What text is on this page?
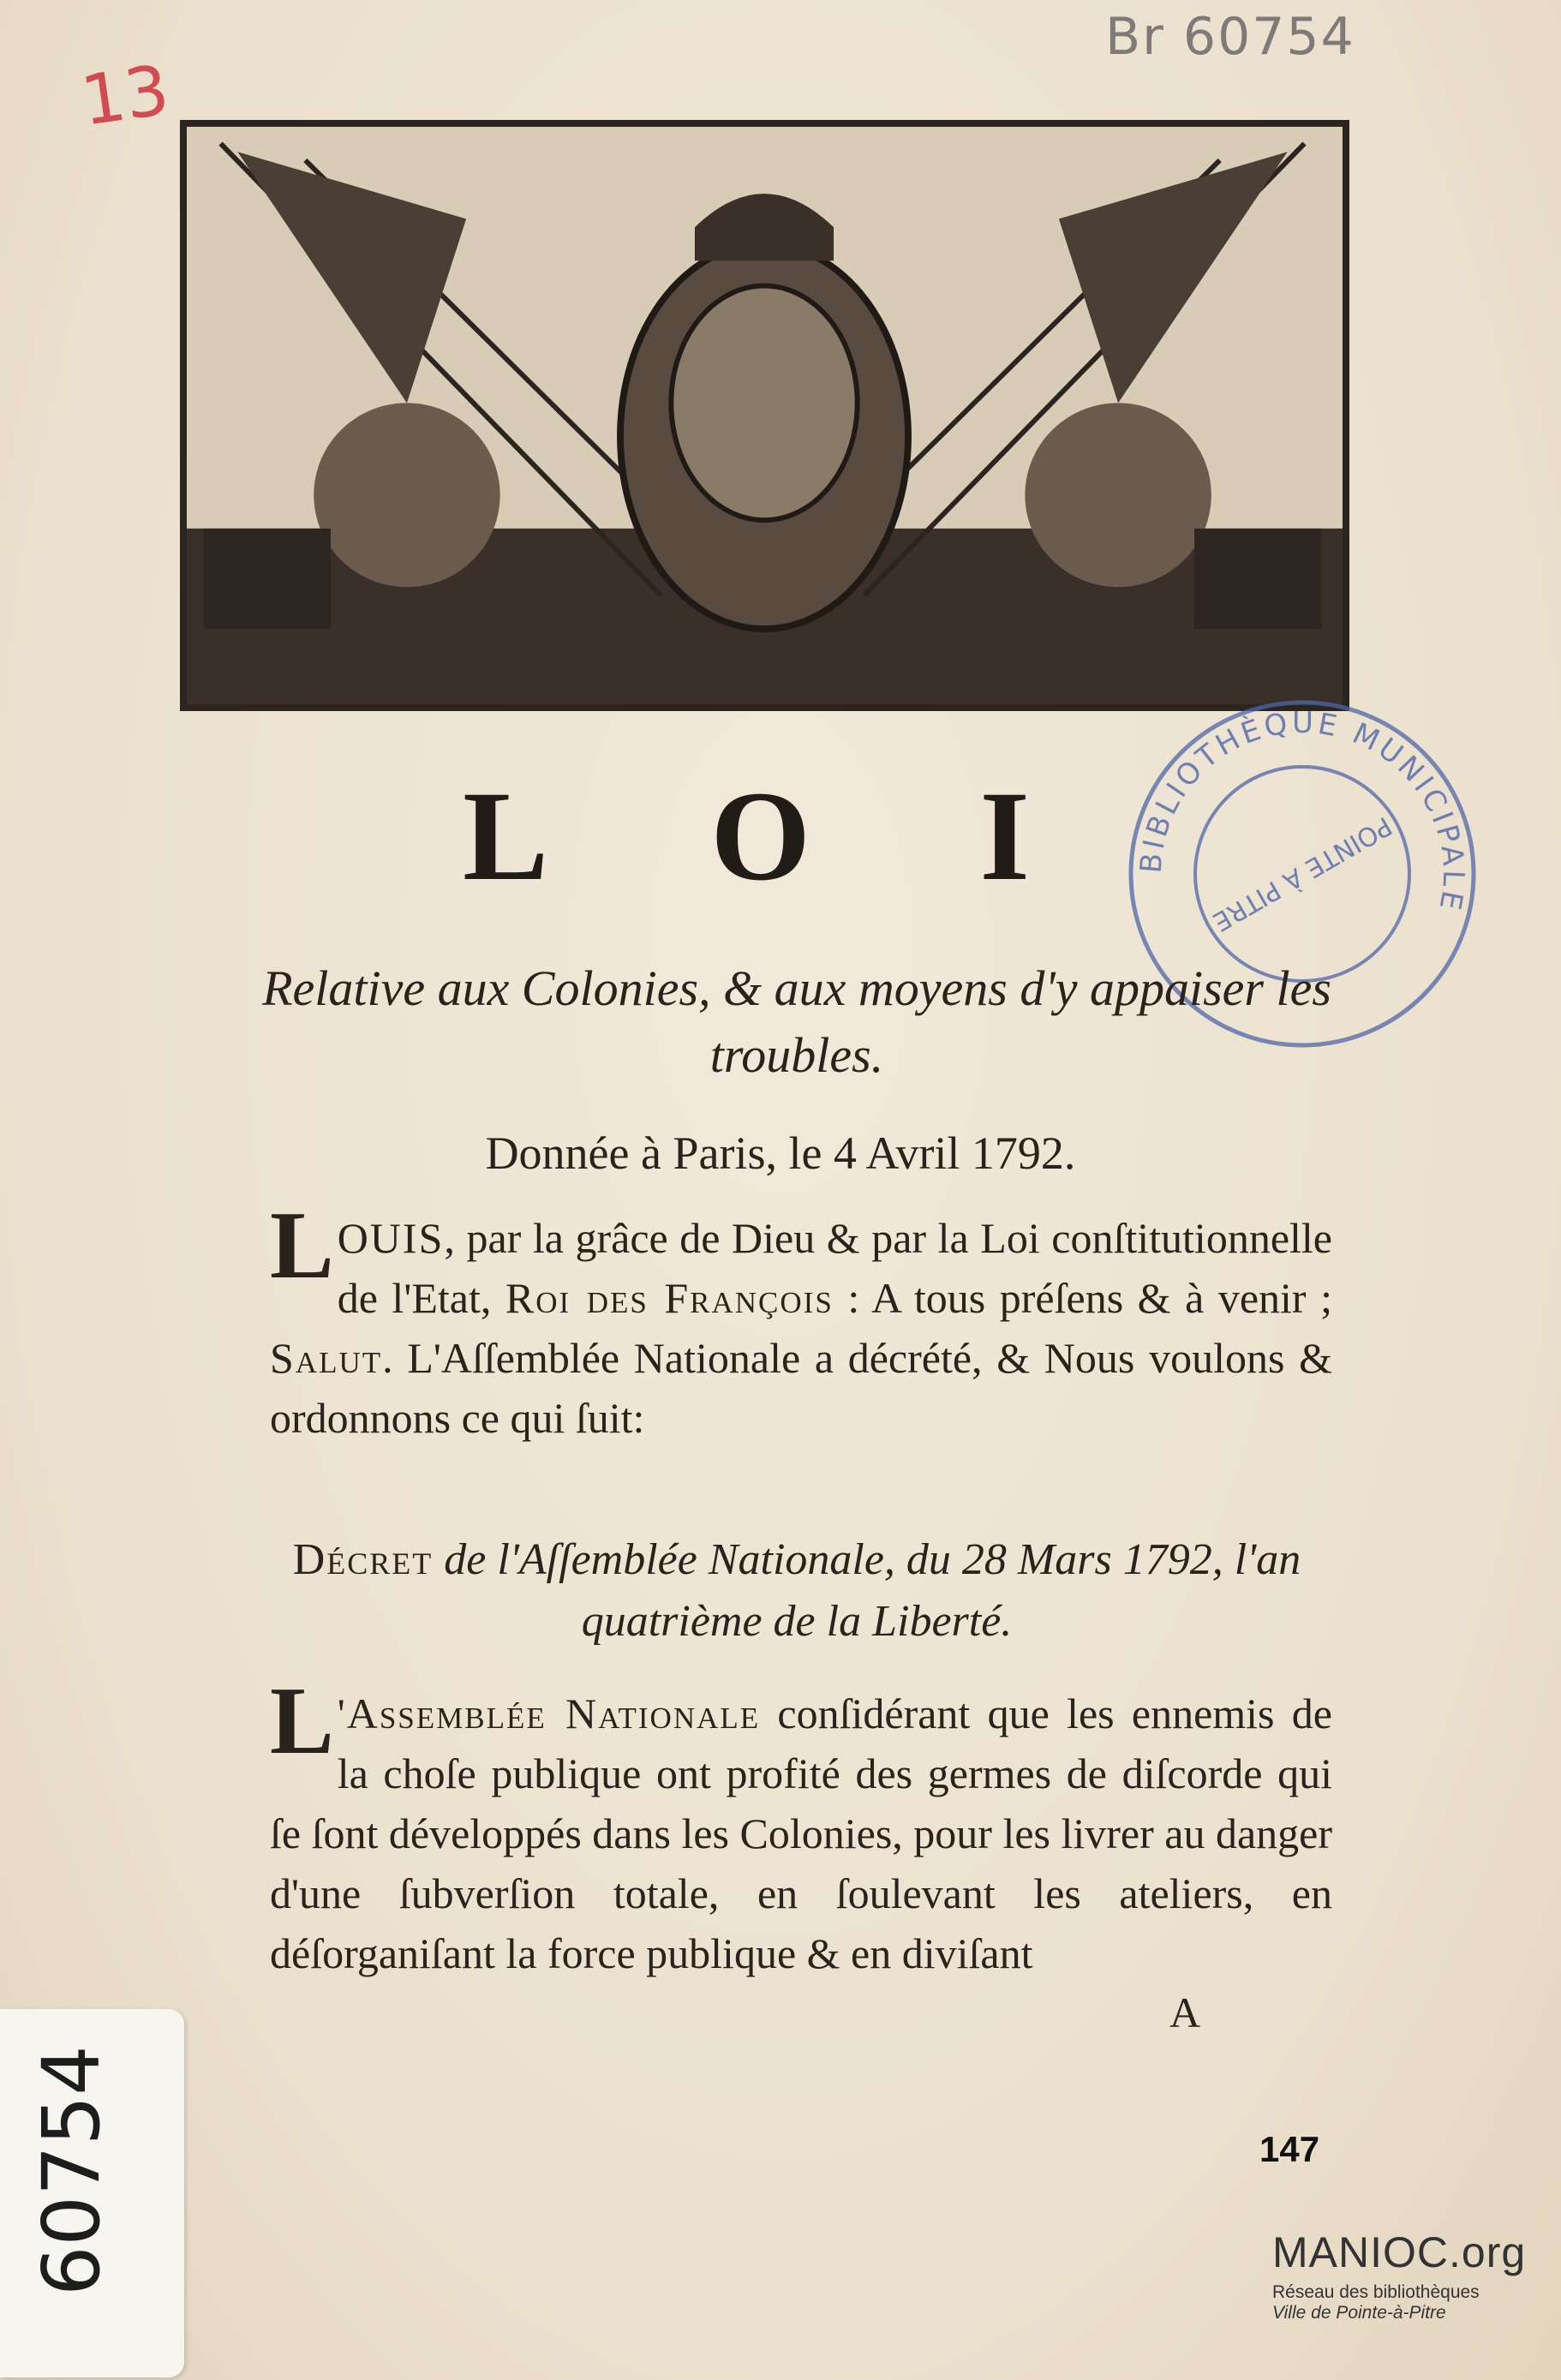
Br 60754
13
BIBLIOTHÈQUE MUNICIPALE
POINTE À PITRE
L O I
Relative aux Colonies, & aux moyens d'y appaiser les troubles.
Donnée à Paris, le 4 Avril 1792.
LOUIS, par la grâce de Dieu & par la Loi conſtitutionnelle de l'Etat, Roi des François : A tous préſens & à venir ; Salut. L'Aſſemblée Nationale a décrété, & Nous voulons & ordonnons ce qui ſuit:
Décret de l'Aſſemblée Nationale, du 28 Mars 1792, l'an quatrième de la Liberté.
L 'Assemblée Nationale conſidérant que les ennemis de la choſe publique ont profité des germes de diſcorde qui ſe ſont développés dans les Colonies, pour les livrer au danger d'une ſubverſion totale, en ſoulevant les ateliers, en déſorganiſant la force publique & en diviſant
A
147
60754	MANIOC.org
Réseau des bibliothèques
Ville de Pointe-à-Pitre
